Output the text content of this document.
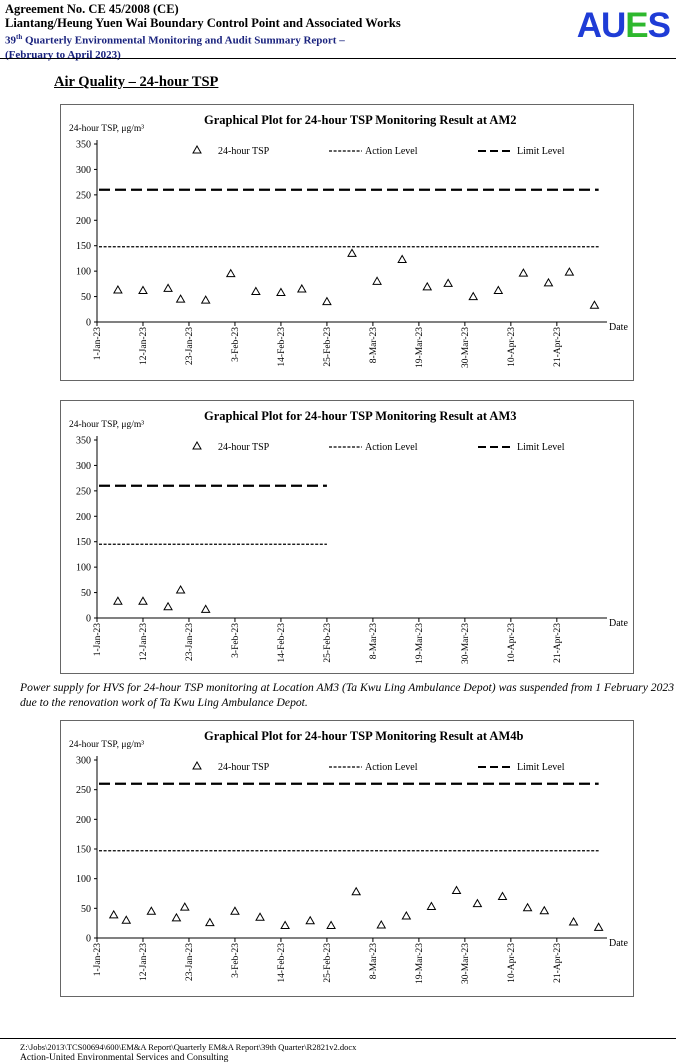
Agreement No. CE 45/2008 (CE)
Liantang/Heung Yuen Wai Boundary Control Point and Associated Works
39th Quarterly Environmental Monitoring and Audit Summary Report –
(February to April 2023)
AUES
Air Quality – 24-hour TSP
Graphical Plot for 24-hour TSP Monitoring Result at AM2
24-hour TSP, μg/m³
0
50
100
150
200
250
300
350
1-Jan-23	12-Jan-23	23-Jan-23	3-Feb-23	14-Feb-23	25-Feb-23	8-Mar-23	19-Mar-23	30-Mar-23	10-Apr-23	21-Apr-23	Date
24-hour TSP	Action Level	Limit Level
Graphical Plot for 24-hour TSP Monitoring Result at AM3
24-hour TSP, μg/m³
0
50
100
150
200
250
300
350
1-Jan-23	12-Jan-23	23-Jan-23	3-Feb-23	14-Feb-23	25-Feb-23	8-Mar-23	19-Mar-23	30-Mar-23	10-Apr-23	21-Apr-23	Date
24-hour TSP	Action Level	Limit Level
Power supply for HVS for 24-hour TSP monitoring at Location AM3 (Ta Kwu Ling Ambulance Depot) was suspended from 1 February 2023 due to the renovation work of Ta Kwu Ling Ambulance Depot.
Graphical Plot for 24-hour TSP Monitoring Result at AM4b
24-hour TSP, μg/m³
0
50
100
150
200
250
300
1-Jan-23	12-Jan-23	23-Jan-23	3-Feb-23	14-Feb-23	25-Feb-23	8-Mar-23	19-Mar-23	30-Mar-23	10-Apr-23	21-Apr-23	Date
24-hour TSP	Action Level	Limit Level
Z:\Jobs\2013\TCS00694\600\EM&A Report\Quarterly EM&A Report\39th Quarter\R2821v2.docx
Action-United Environmental Services and Consulting
